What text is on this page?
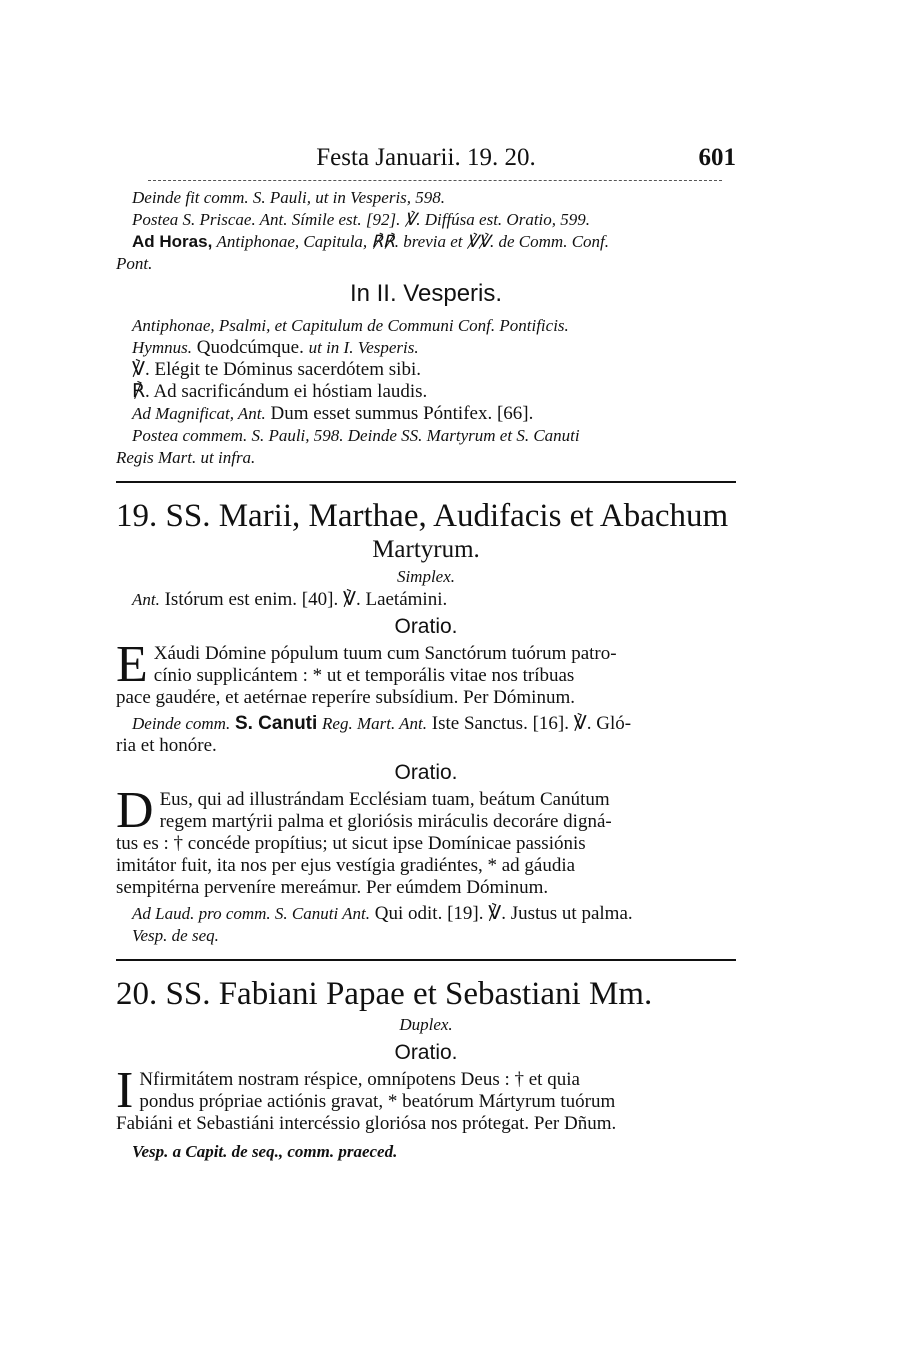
Festa Januarii. 19. 20.	601
Deinde fit comm. S. Pauli, ut in Vesperis, 598.
Postea S. Priscae. Ant. Símile est. [92]. ℣. Diffúsa est. Oratio, 599.
Ad Horas, Antiphonae, Capitula, ℟℟. brevia et ℣℣. de Comm. Conf.
Pont.
In II. Vesperis.
Antiphonae, Psalmi, et Capitulum de Communi Conf. Pontificis.
Hymnus. Quodcúmque. ut in I. Vesperis.
℣. Elégit te Dóminus sacerdótem sibi.
℟. Ad sacrificándum ei hóstiam laudis.
Ad Magnificat, Ant. Dum esset summus Póntifex. [66].
Postea commem. S. Pauli, 598. Deinde SS. Martyrum et S. Canuti
Regis Mart. ut infra.
19. SS. Marii, Marthae, Audifacis et Abachum
Martyrum.
Simplex.
Ant. Istórum est enim. [40]. ℣. Laetámini.
Oratio.
E Xáudi Dómine pópulum tuum cum Sanctórum tuórum patro-
cínio supplicántem : * ut et temporális vitae nos tríbuas
pace gaudére, et aetérnae reperíre subsídium. Per Dóminum.
Deinde comm. S. Canuti Reg. Mart. Ant. Iste Sanctus. [16]. ℣. Gló-
ria et honóre.
Oratio.
D Eus, qui ad illustrándam Ecclésiam tuam, beátum Canútum
regem martýrii palma et gloriósis miráculis decoráre digná-
tus es : † concéde propítius; ut sicut ipse Domínicae passiónis
imitátor fuit, ita nos per ejus vestígia gradiéntes, * ad gáudia
sempitérna perveníre mereámur. Per eúmdem Dóminum.
Ad Laud. pro comm. S. Canuti Ant. Qui odit. [19]. ℣. Justus ut palma.
Vesp. de seq.
20. SS. Fabiani Papae et Sebastiani Mm.
Duplex.
Oratio.
I Nfirmitátem nostram réspice, omnípotens Deus : † et quia
pondus própriae actiónis gravat, * beatórum Mártyrum tuórum
Fabiáni et Sebastiáni intercéssio gloriósa nos prótegat. Per Dñum.
Vesp. a Capit. de seq., comm. praeced.
